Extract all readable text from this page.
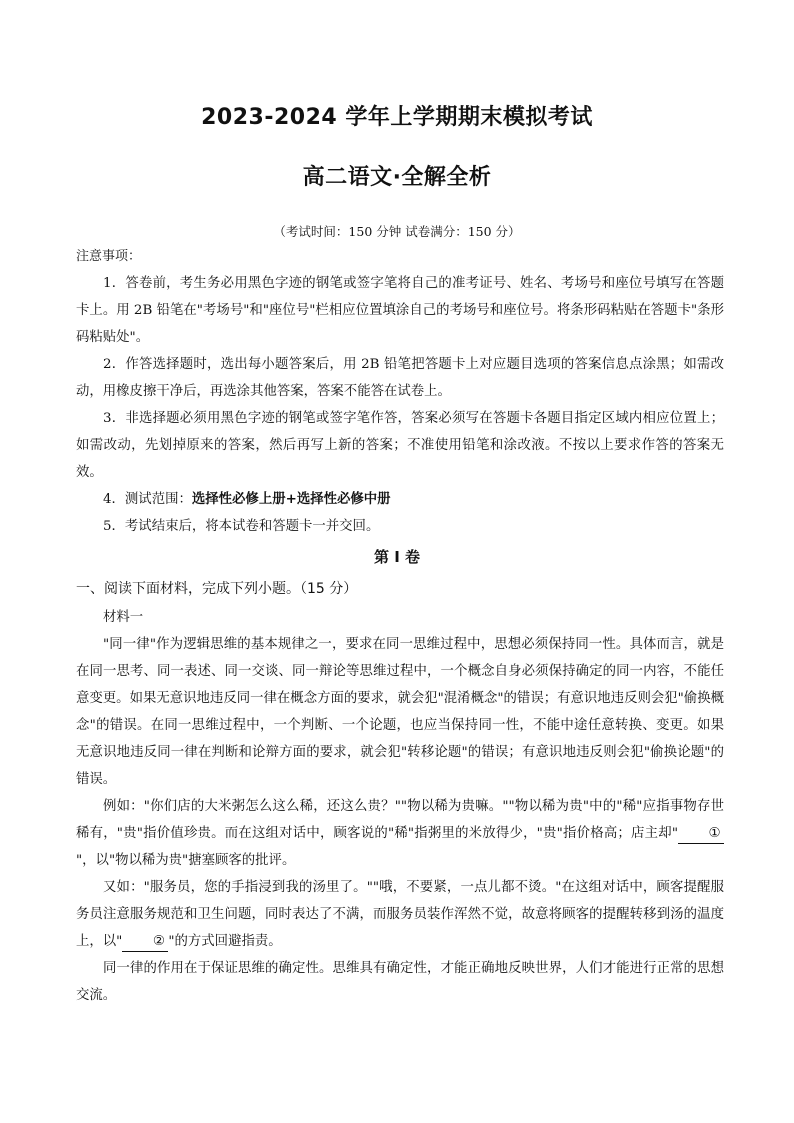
2023-2024 学年上学期期末模拟考试
高二语文·全解全析
（考试时间：150 分钟 试卷满分：150 分）
注意事项：

1．答卷前，考生务必用黑色字迹的钢笔或签字笔将自己的准考证号、姓名、考场号和座位号填写在答题卡上。用 2B 铅笔在"考场号"和"座位号"栏相应位置填涂自己的考场号和座位号。将条形码粘贴在答题卡"条形码粘贴处"。

2．作答选择题时，选出每小题答案后，用 2B 铅笔把答题卡上对应题目选项的答案信息点涂黑；如需改动，用橡皮擦干净后，再选涂其他答案，答案不能答在试卷上。

3．非选择题必须用黑色字迹的钢笔或签字笔作答，答案必须写在答题卡各题目指定区域内相应位置上；如需改动，先划掉原来的答案，然后再写上新的答案；不准使用铅笔和涂改液。不按以上要求作答的答案无效。

4．测试范围：选择性必修上册+选择性必修中册

5．考试结束后，将本试卷和答题卡一并交回。

第 I 卷
一、阅读下面材料，完成下列小题。（15 分）

材料一

"同一律"作为逻辑思维的基本规律之一，要求在同一思维过程中，思想必须保持同一性。具体而言，就是在同一思考、同一表述、同一交谈、同一辩论等思维过程中，一个概念自身必须保持确定的同一内容，不能任意变更。如果无意识地违反同一律在概念方面的要求，就会犯"混淆概念"的错误；有意识地违反则会犯"偷换概念"的错误。在同一思维过程中，一个判断、一个论题，也应当保持同一性，不能中途任意转换、变更。如果无意识地违反同一律在判断和论辩方面的要求，就会犯"转移论题"的错误；有意识地违反则会犯"偷换论题"的错误。

例如："你们店的大米粥怎么这么稀，还这么贵？""物以稀为贵嘛。""物以稀为贵"中的"稀"应指事物存世稀有，"贵"指价值珍贵。而在这组对话中，顾客说的"稀"指粥里的米放得少，"贵"指价格高；店主却" ①"，以"物以稀为贵"搪塞顾客的批评。

又如："服务员，您的手指浸到我的汤里了。""哦，不要紧，一点儿都不烫。"在这组对话中，顾客提醒服务员注意服务规范和卫生问题，同时表达了不满，而服务员装作浑然不觉，故意将顾客的提醒转移到汤的温度上，以" ② "的方式回避指责。

同一律的作用在于保证思维的确定性。思维具有确定性，才能正确地反映世界，人们才能进行正常的思想交流。
